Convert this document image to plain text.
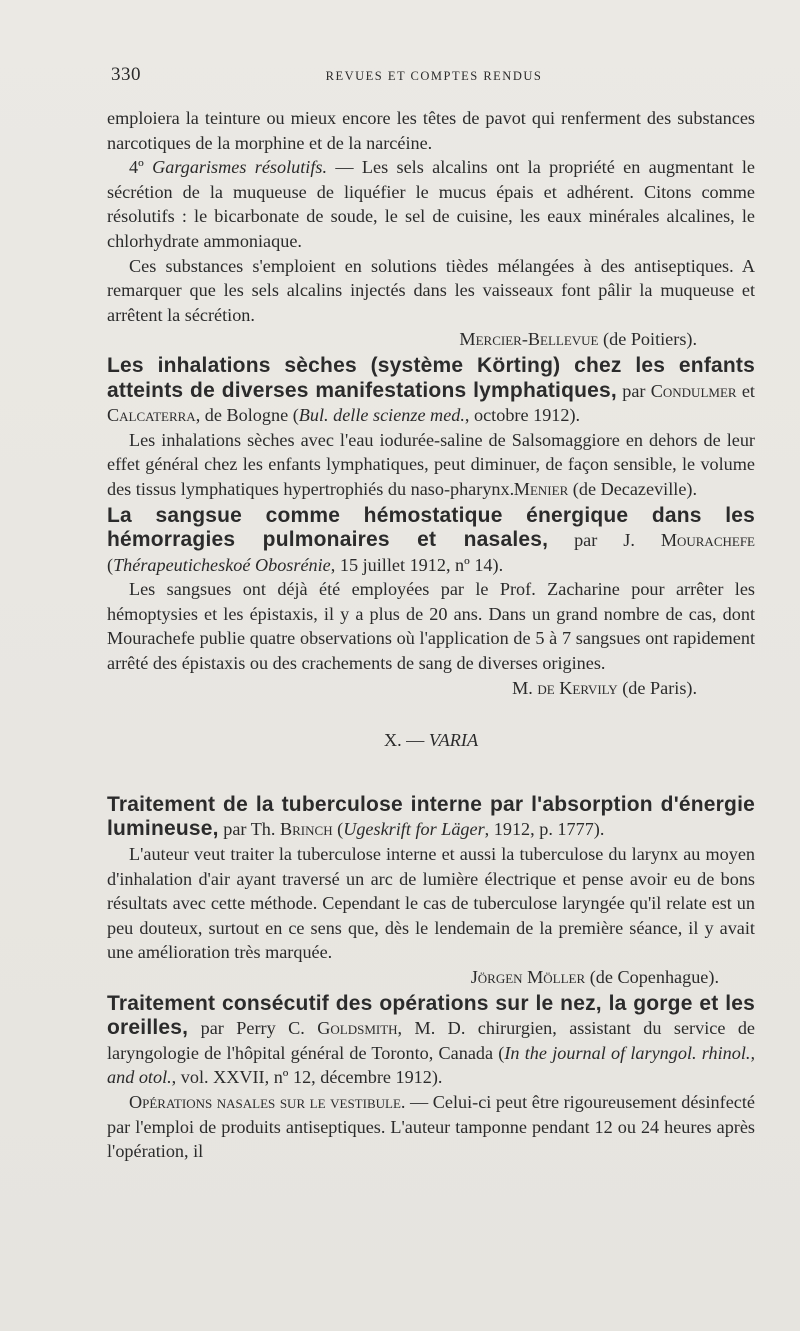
330	REVUES ET COMPTES RENDUS

emploiera la teinture ou mieux encore les têtes de pavot qui renferment des substances narcotiques de la morphine et de la narcéine.

4º Gargarismes résolutifs. — Les sels alcalins ont la propriété en augmentant le sécrétion de la muqueuse de liquéfier le mucus épais et adhérent. Citons comme résolutifs : le bicarbonate de soude, le sel de cuisine, les eaux minérales alcalines, le chlorhydrate ammoniaque.

Ces substances s'emploient en solutions tièdes mélangées à des antiseptiques. A remarquer que les sels alcalins injectés dans les vaisseaux font pâlir la muqueuse et arrêtent la sécrétion.

Mercier-Bellevue (de Poitiers).

Les inhalations sèches (système Körting) chez les enfants atteints de diverses manifestations lymphatiques, par Condulmer et Calcaterra, de Bologne (Bul. delle scienze med., octobre 1912).

Les inhalations sèches avec l'eau iodurée-saline de Salsomaggiore en dehors de leur effet général chez les enfants lymphatiques, peut diminuer, de façon sensible, le volume des tissus lymphatiques hypertrophiés du naso-pharynx. Menier (de Decazeville).

La sangsue comme hémostatique énergique dans les hémorragies pulmonaires et nasales, par J. Mourachefe (Thérapeuticheskoé Obosrénie, 15 juillet 1912, nº 14).

Les sangsues ont déjà été employées par le Prof. Zacharine pour arrêter les hémoptysies et les épistaxis, il y a plus de 20 ans. Dans un grand nombre de cas, dont Mourachefe publie quatre observations où l'application de 5 à 7 sangsues ont rapidement arrêté des épistaxis ou des crachements de sang de diverses origines.

M. de Kervily (de Paris).

X. — VARIA

Traitement de la tuberculose interne par l'absorption d'énergie lumineuse, par Th. Brinch (Ugeskrift for Läger, 1912, p. 1777).

L'auteur veut traiter la tuberculose interne et aussi la tuberculose du larynx au moyen d'inhalation d'air ayant traversé un arc de lumière électrique et pense avoir eu de bons résultats avec cette méthode. Cependant le cas de tuberculose laryngée qu'il relate est un peu douteux, surtout en ce sens que, dès le lendemain de la première séance, il y avait une amélioration très marquée.

Jörgen Möller (de Copenhague).

Traitement consécutif des opérations sur le nez, la gorge et les oreilles, par Perry C. Goldsmith, M. D. chirurgien, assistant du service de laryngologie de l'hôpital général de Toronto, Canada (In the journal of laryngol. rhinol., and otol., vol. XXVII, nº 12, décembre 1912).

Opérations nasales sur le vestibule. — Celui-ci peut être rigoureusement désinfecté par l'emploi de produits antiseptiques. L'auteur tamponne pendant 12 ou 24 heures après l'opération, il
